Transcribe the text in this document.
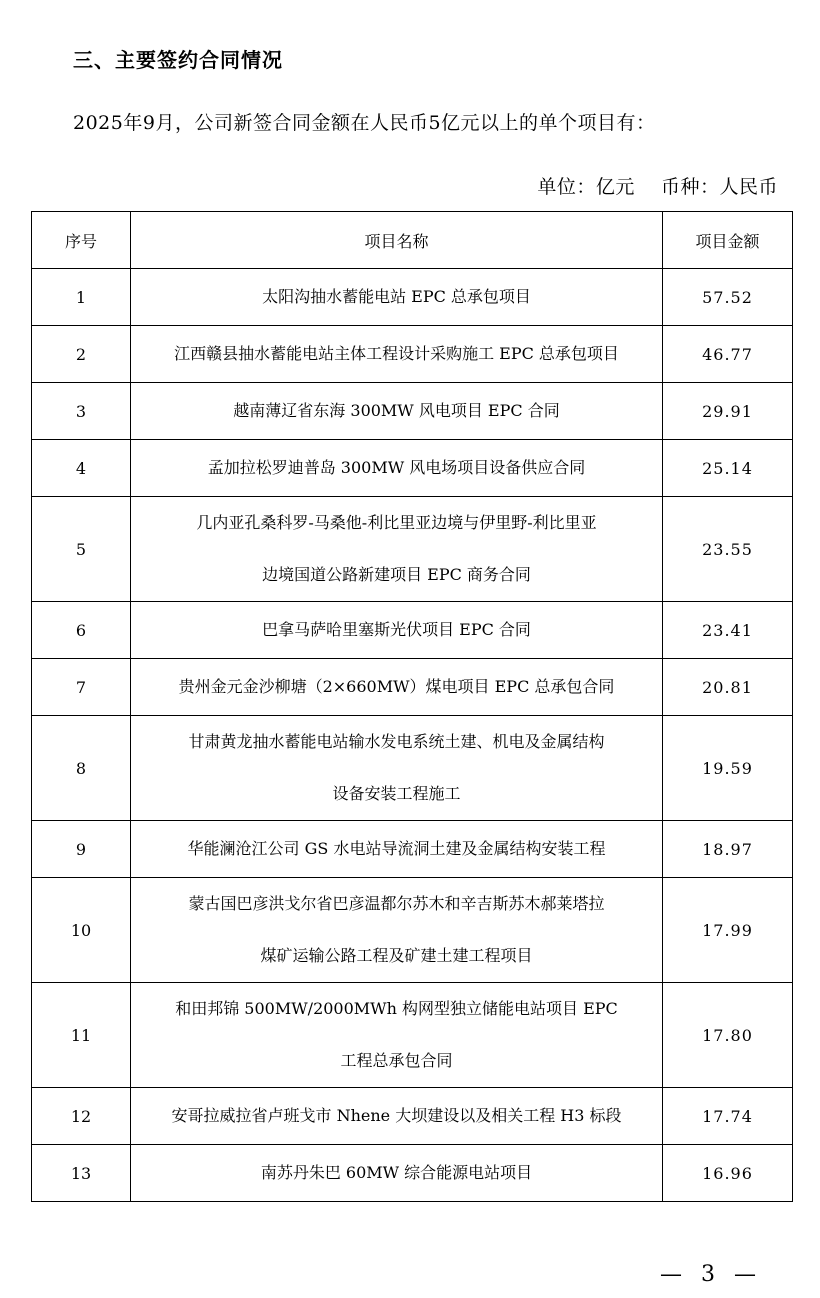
三、主要签约合同情况
2025年9月，公司新签合同金额在人民币5亿元以上的单个项目有：
单位：亿元    币种：人民币
序号	项目名称	项目金额
1	太阳沟抽水蓄能电站 EPC 总承包项目	57.52
2	江西赣县抽水蓄能电站主体工程设计采购施工 EPC 总承包项目	46.77
3	越南薄辽省东海 300MW 风电项目 EPC 合同	29.91
4	孟加拉松罗迪普岛 300MW 风电场项目设备供应合同	25.14
5	几内亚孔桑科罗-马桑他-利比里亚边境与伊里野-利比里亚
边境国道公路新建项目 EPC 商务合同	23.55
6	巴拿马萨哈里塞斯光伏项目 EPC 合同	23.41
7	贵州金元金沙柳塘（2×660MW）煤电项目 EPC 总承包合同	20.81
8	甘肃黄龙抽水蓄能电站输水发电系统土建、机电及金属结构
设备安装工程施工	19.59
9	华能澜沧江公司 GS 水电站导流洞土建及金属结构安装工程	18.97
10	蒙古国巴彦洪戈尔省巴彦温都尔苏木和辛吉斯苏木郝莱塔拉
煤矿运输公路工程及矿建土建工程项目	17.99
11	和田邦锦 500MW/2000MWh 构网型独立储能电站项目 EPC
工程总承包合同	17.80
12	安哥拉威拉省卢班戈市 Nhene 大坝建设以及相关工程 H3 标段	17.74
13	南苏丹朱巴 60MW 综合能源电站项目	16.96
— 3 —
